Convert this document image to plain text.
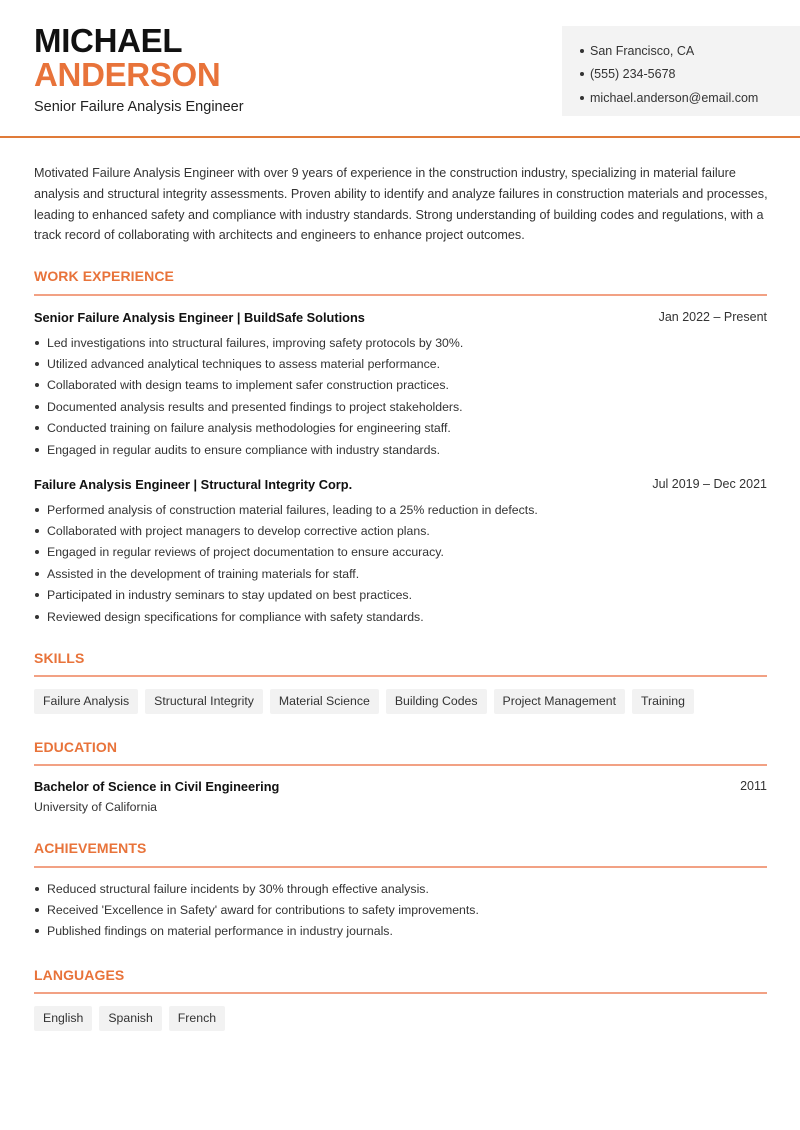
MICHAEL
ANDERSON
Senior Failure Analysis Engineer
San Francisco, CA
(555) 234-5678
michael.anderson@email.com

Motivated Failure Analysis Engineer with over 9 years of experience in the construction industry, specializing in material failure analysis and structural integrity assessments. Proven ability to identify and analyze failures in construction materials and processes, leading to enhanced safety and compliance with industry standards. Strong understanding of building codes and regulations, with a track record of collaborating with architects and engineers to enhance project outcomes.

WORK EXPERIENCE
Senior Failure Analysis Engineer | BuildSafe Solutions	Jan 2022 – Present
Led investigations into structural failures, improving safety protocols by 30%.
Utilized advanced analytical techniques to assess material performance.
Collaborated with design teams to implement safer construction practices.
Documented analysis results and presented findings to project stakeholders.
Conducted training on failure analysis methodologies for engineering staff.
Engaged in regular audits to ensure compliance with industry standards.
Failure Analysis Engineer | Structural Integrity Corp.	Jul 2019 – Dec 2021
Performed analysis of construction material failures, leading to a 25% reduction in defects.
Collaborated with project managers to develop corrective action plans.
Engaged in regular reviews of project documentation to ensure accuracy.
Assisted in the development of training materials for staff.
Participated in industry seminars to stay updated on best practices.
Reviewed design specifications for compliance with safety standards.
SKILLS
Failure Analysis	Structural Integrity	Material Science	Building Codes	Project Management	Training
EDUCATION
Bachelor of Science in Civil Engineering	2011
University of California
ACHIEVEMENTS
Reduced structural failure incidents by 30% through effective analysis.
Received 'Excellence in Safety' award for contributions to safety improvements.
Published findings on material performance in industry journals.
LANGUAGES
English	Spanish	French
